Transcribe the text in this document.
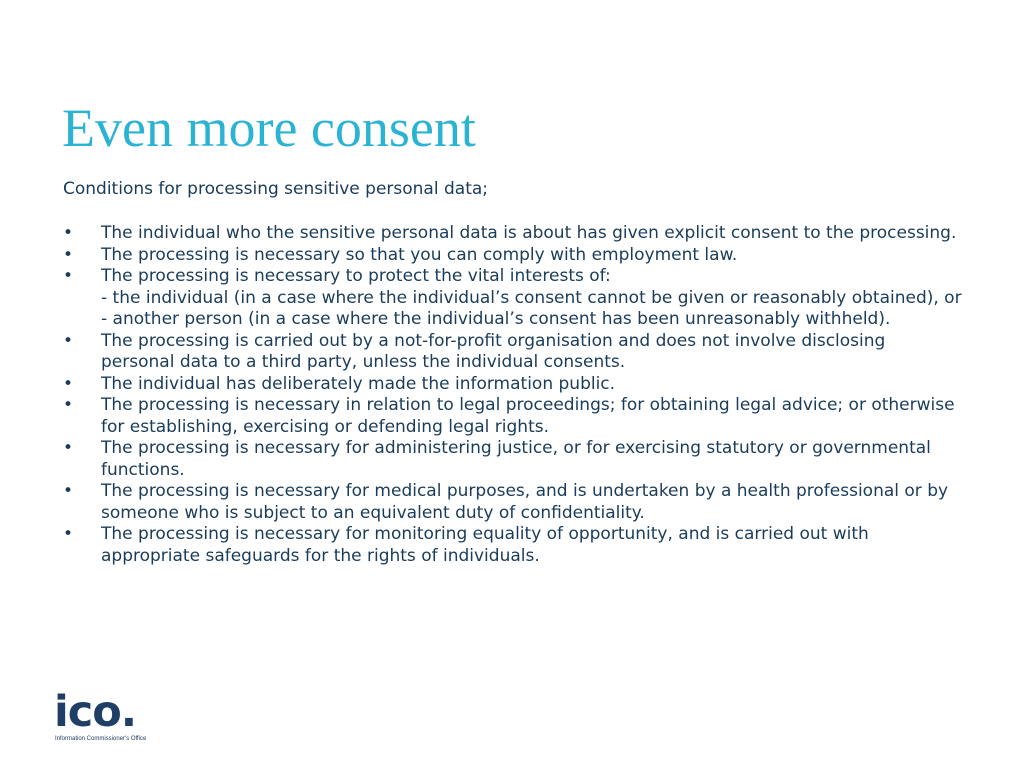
Even more consent

Conditions for processing sensitive personal data;

•	The individual who the sensitive personal data is about has given explicit consent to the processing.
•	The processing is necessary so that you can comply with employment law.
•	The processing is necessary to protect the vital interests of:
- the individual (in a case where the individual’s consent cannot be given or reasonably obtained), or
- another person (in a case where the individual’s consent has been unreasonably withheld).
•	The processing is carried out by a not-for-profit organisation and does not involve disclosing personal data to a third party, unless the individual consents.
•	The individual has deliberately made the information public.
•	The processing is necessary in relation to legal proceedings; for obtaining legal advice; or otherwise for establishing, exercising or defending legal rights.
•	The processing is necessary for administering justice, or for exercising statutory or governmental functions.
•	The processing is necessary for medical purposes, and is undertaken by a health professional or by someone who is subject to an equivalent duty of confidentiality.
•	The processing is necessary for monitoring equality of opportunity, and is carried out with appropriate safeguards for the rights of individuals.
ico.
Information Commissioner's Office
